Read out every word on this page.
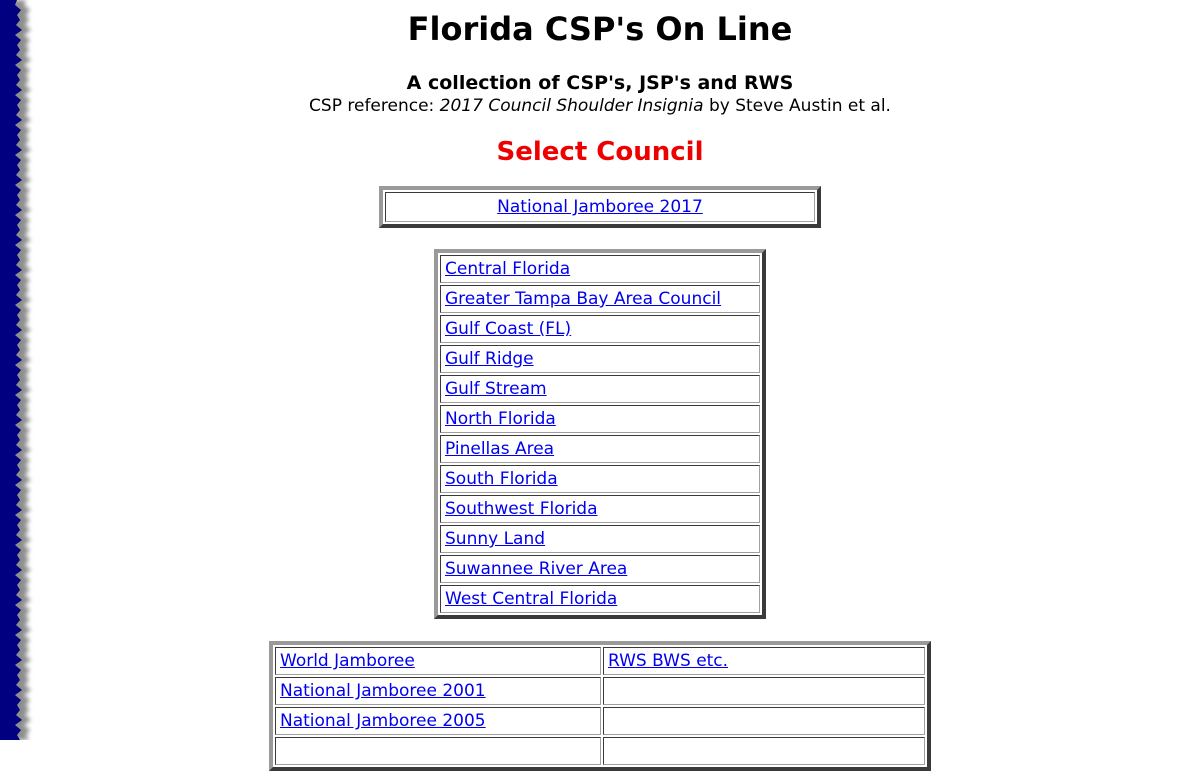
Florida CSP's On Line
A collection of CSP's, JSP's and RWS
CSP reference: 2017 Council Shoulder Insignia by Steve Austin et al.
Select Council
National Jamboree 2017
Central Florida
Greater Tampa Bay Area Council
Gulf Coast (FL)
Gulf Ridge
Gulf Stream
North Florida
Pinellas Area
South Florida
Southwest Florida
Sunny Land
Suwannee River Area
West Central Florida
World Jamboree	RWS BWS etc.
National Jamboree 2001	
National Jamboree 2005	
